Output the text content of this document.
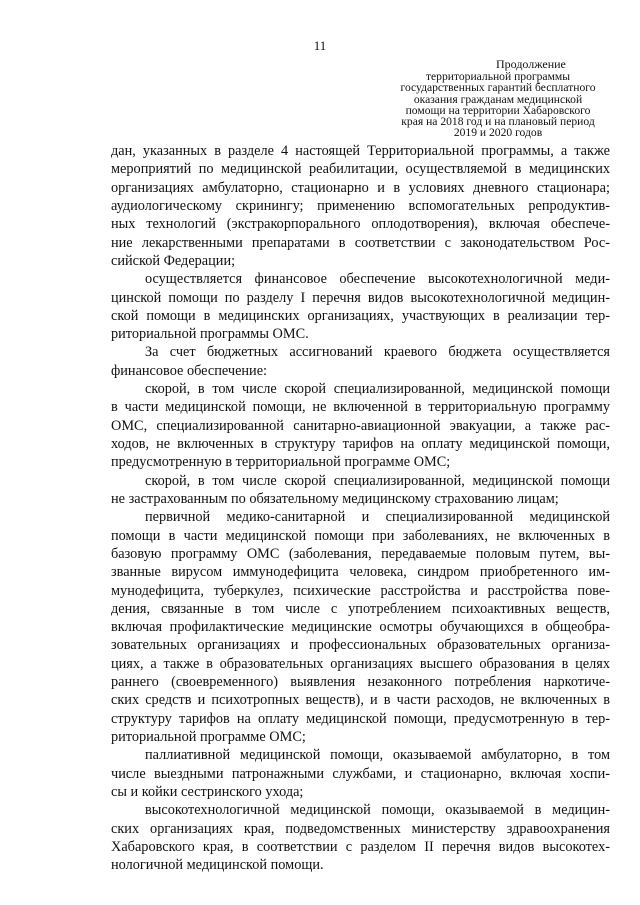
11
Продолжение
территориальной программы
государственных гарантий бесплатного
оказания гражданам медицинской
помощи на территории Хабаровского
края на 2018 год и на плановый период
2019 и 2020 годов
дан, указанных в разделе 4 настоящей Территориальной программы, а также
мероприятий по медицинской реабилитации, осуществляемой в медицинских
организациях амбулаторно, стационарно и в условиях дневного стационара;
аудиологическому скринингу; применению вспомогательных репродуктив-
ных технологий (экстракорпорального оплодотворения), включая обеспече-
ние лекарственными препаратами в соответствии с законодательством Рос-
сийской Федерации;
осуществляется финансовое обеспечение высокотехнологичной меди-
цинской помощи по разделу I перечня видов высокотехнологичной медицин-
ской помощи в медицинских организациях, участвующих в реализации тер-
риториальной программы ОМС.
За счет бюджетных ассигнований краевого бюджета осуществляется
финансовое обеспечение:
скорой, в том числе скорой специализированной, медицинской помощи
в части медицинской помощи, не включенной в территориальную программу
ОМС, специализированной санитарно-авиационной эвакуации, а также рас-
ходов, не включенных в структуру тарифов на оплату медицинской помощи,
предусмотренную в территориальной программе ОМС;
скорой, в том числе скорой специализированной, медицинской помощи
не застрахованным по обязательному медицинскому страхованию лицам;
первичной медико-санитарной и специализированной медицинской
помощи в части медицинской помощи при заболеваниях, не включенных в
базовую программу ОМС (заболевания, передаваемые половым путем, вы-
званные вирусом иммунодефицита человека, синдром приобретенного им-
мунодефицита, туберкулез, психические расстройства и расстройства пове-
дения, связанные в том числе с употреблением психоактивных веществ,
включая профилактические медицинские осмотры обучающихся в общеобра-
зовательных организациях и профессиональных образовательных организа-
циях, а также в образовательных организациях высшего образования в целях
раннего (своевременного) выявления незаконного потребления наркотиче-
ских средств и психотропных веществ), и в части расходов, не включенных в
структуру тарифов на оплату медицинской помощи, предусмотренную в тер-
риториальной программе ОМС;
паллиативной медицинской помощи, оказываемой амбулаторно, в том
числе выездными патронажными службами, и стационарно, включая хоспи-
сы и койки сестринского ухода;
высокотехнологичной медицинской помощи, оказываемой в медицин-
ских организациях края, подведомственных министерству здравоохранения
Хабаровского края, в соответствии с разделом II перечня видов высокотех-
нологичной медицинской помощи.
